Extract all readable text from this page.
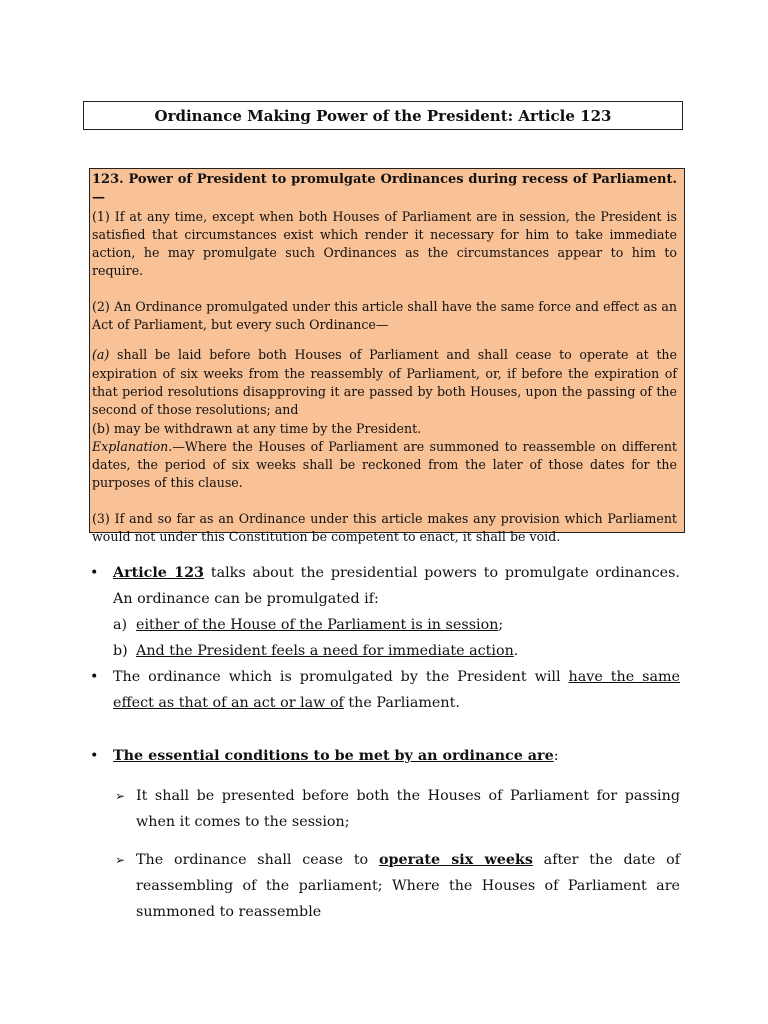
Ordinance Making Power of the President: Article 123

123. Power of President to promulgate Ordinances during recess of Parliament.—

(1) If at any time, except when both Houses of Parliament are in session, the President is satisfied that circumstances exist which render it necessary for him to take immediate action, he may promulgate such Ordinances as the circumstances appear to him to require.

(2) An Ordinance promulgated under this article shall have the same force and effect as an Act of Parliament, but every such Ordinance—

(a) shall be laid before both Houses of Parliament and shall cease to operate at the expiration of six weeks from the reassembly of Parliament, or, if before the expiration of that period resolutions disapproving it are passed by both Houses, upon the passing of the second of those resolutions; and

(b) may be withdrawn at any time by the President.

Explanation.—Where the Houses of Parliament are summoned to reassemble on different dates, the period of six weeks shall be reckoned from the later of those dates for the purposes of this clause.

(3) If and so far as an Ordinance under this article makes any provision which Parliament would not under this Constitution be competent to enact, it shall be void.

• Article 123 talks about the presidential powers to promulgate ordinances. An ordinance can be promulgated if:
a) either of the House of the Parliament is in session;
b) And the President feels a need for immediate action.
• The ordinance which is promulgated by the President will have the same effect as that of an act or law of the Parliament.
• The essential conditions to be met by an ordinance are:
➢ It shall be presented before both the Houses of Parliament for passing when it comes to the session;
➢ The ordinance shall cease to operate six weeks after the date of reassembling of the parliament; Where the Houses of Parliament are summoned to reassemble
